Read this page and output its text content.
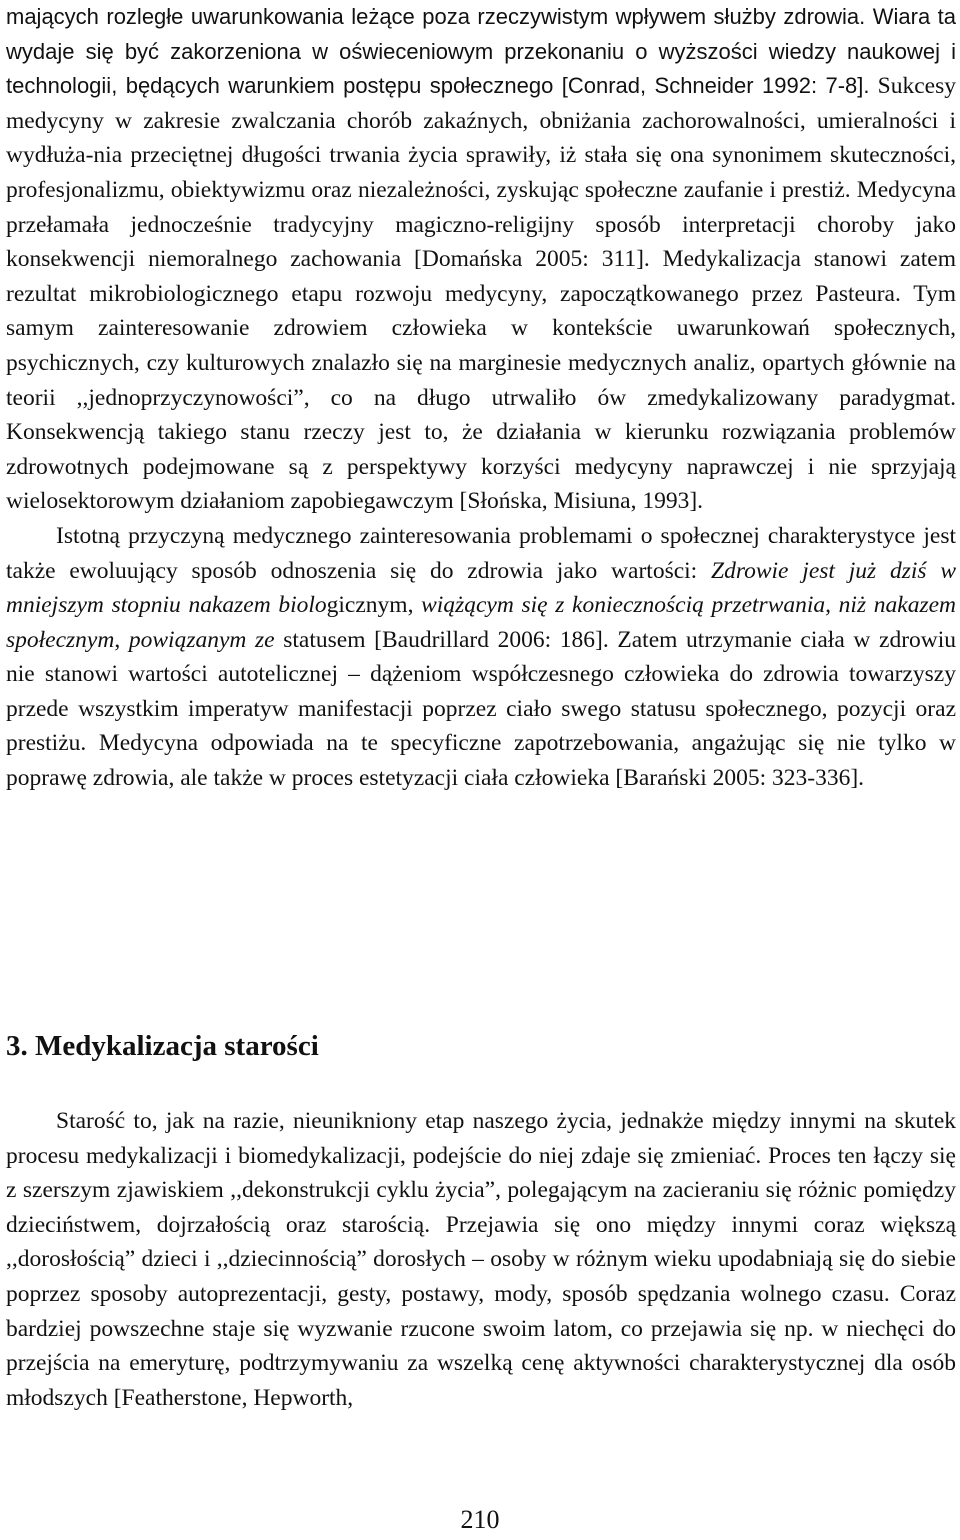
mających rozległe uwarunkowania leżące poza rzeczywistym wpływem służby zdrowia. Wiara ta wydaje się być zakorzeniona w oświeceniowym przekonaniu o wyższości wiedzy naukowej i technologii, będących warunkiem postępu społecznego [Conrad, Schneider 1992: 7-8]. Sukcesy medycyny w zakresie zwalczania chorób zakaźnych, obniżania zachorowalności, umieralności i wydłuża-nia przeciętnej długości trwania życia sprawiły, iż stała się ona synonimem skuteczności, profesjonalizmu, obiektywizmu oraz niezależności, zyskując społeczne zaufanie i prestiż. Medycyna przełamała jednocześnie tradycyjny magiczno-religijny sposób interpretacji choroby jako konsekwencji niemoralnego zachowania [Domańska 2005: 311]. Medykalizacja stanowi zatem rezultat mikrobiologicznego etapu rozwoju medycyny, zapoczątkowanego przez Pasteura. Tym samym zainteresowanie zdrowiem człowieka w kontekście uwarunkowań społecznych, psychicznych, czy kulturowych znalazło się na marginesie medycznych analiz, opartych głównie na teorii ,,jednoprzyczynowości”, co na długo utrwaliło ów zmedykalizowany paradygmat. Konsekwencją takiego stanu rzeczy jest to, że działania w kierunku rozwiązania problemów zdrowotnych podejmowane są z perspektywy korzyści medycyny naprawczej i nie sprzyjają wielosektorowym działaniom zapobiegawczym [Słońska, Misiuna, 1993].

Istotną przyczyną medycznego zainteresowania problemami o społecznej charakterystyce jest także ewoluujący sposób odnoszenia się do zdrowia jako wartości: Zdrowie jest już dziś w mniejszym stopniu nakazem biologicznym, wiążącym się z koniecznością przetrwania, niż nakazem społecznym, powiązanym ze statusem [Baudrillard 2006: 186]. Zatem utrzymanie ciała w zdrowiu nie stanowi wartości autotelicznej – dążeniom współczesnego człowieka do zdrowia towarzyszy przede wszystkim imperatyw manifestacji poprzez ciało swego statusu społecznego, pozycji oraz prestiżu. Medycyna odpowiada na te specyficzne zapotrzebowania, angażując się nie tylko w poprawę zdrowia, ale także w proces estetyzacji ciała człowieka [Barański 2005: 323-336].

3. Medykalizacja starości

Starość to, jak na razie, nieunikniony etap naszego życia, jednakże między innymi na skutek procesu medykalizacji i biomedykalizacji, podejście do niej zdaje się zmieniać. Proces ten łączy się z szerszym zjawiskiem ,,dekonstrukcji cyklu życia”, polegającym na zacieraniu się różnic pomiędzy dzieciństwem, dojrzałością oraz starością. Przejawia się ono między innymi coraz większą ,,dorosłością” dzieci i ,,dziecinnością” dorosłych – osoby w różnym wieku upodabniają się do siebie poprzez sposoby autoprezentacji, gesty, postawy, mody, sposób spędzania wolnego czasu. Coraz bardziej powszechne staje się wyzwanie rzucone swoim latom, co przejawia się np. w niechęci do przejścia na emeryturę, podtrzymywaniu za wszelką cenę aktywności charakterystycznej dla osób młodszych [Featherstone, Hepworth,

210
